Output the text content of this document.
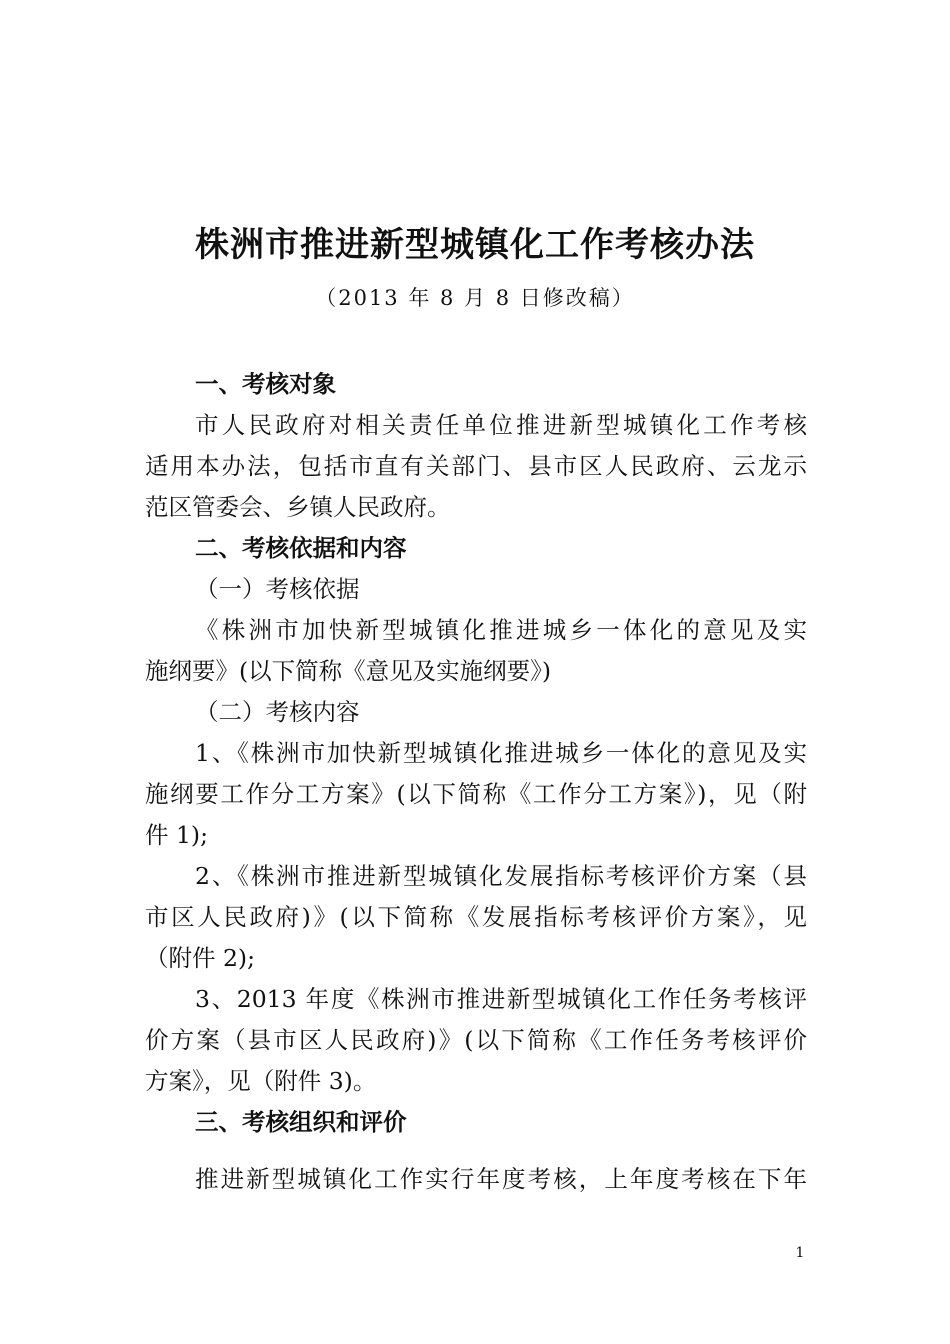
株洲市推进新型城镇化工作考核办法
（2013 年 8 月 8 日修改稿）
一、考核对象
市人民政府对相关责任单位推进新型城镇化工作考核
适用本办法，包括市直有关部门、县市区人民政府、云龙示
范区管委会、乡镇人民政府。
二、考核依据和内容
（一）考核依据
《株洲市加快新型城镇化推进城乡一体化的意见及实
施纲要》(以下简称《意见及实施纲要》)
（二）考核内容
1、《株洲市加快新型城镇化推进城乡一体化的意见及实
施纲要工作分工方案》(以下简称《工作分工方案》)，见（附
件 1);
2、《株洲市推进新型城镇化发展指标考核评价方案（县
市区人民政府)》(以下简称《发展指标考核评价方案》，见
（附件 2);
3、2013 年度《株洲市推进新型城镇化工作任务考核评
价方案（县市区人民政府)》(以下简称《工作任务考核评价
方案》，见（附件 3)。
三、考核组织和评价
推进新型城镇化工作实行年度考核，上年度考核在下年
1
